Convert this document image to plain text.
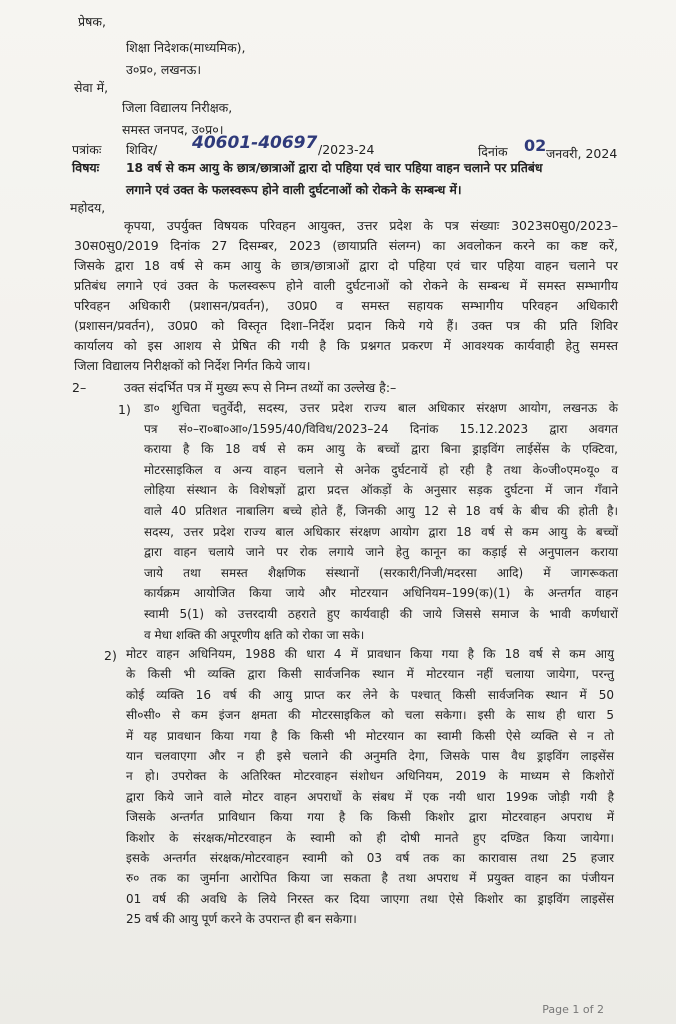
प्रेषक,
शिक्षा निदेशक(माध्यमिक),
उ०प्र०, लखनऊ।
सेवा में,
जिला विद्यालय निरीक्षक,
समस्त जनपद, उ०प्र०।
पत्रांकः शिविर/ 40601-40697 /2023-24	दिनांक 02 जनवरी, 2024
विषयः 18 वर्ष से कम आयु के छात्र/छात्राओं द्वारा दो पहिया एवं चार पहिया वाहन चलाने पर प्रतिबंध
लगाने एवं उक्त के फलस्वरूप होने वाली दुर्घटनाओं को रोकने के सम्बन्ध में।
महोदय,
कृपया, उपर्युक्त विषयक परिवहन आयुक्त, उत्तर प्रदेश के पत्र संख्याः 3023स0सु0/2023–
30स0सु0/2019 दिनांक 27 दिसम्बर, 2023 (छायाप्रति संलग्न) का अवलोकन करने का कष्ट करें,
जिसके द्वारा 18 वर्ष से कम आयु के छात्र/छात्राओं द्वारा दो पहिया एवं चार पहिया वाहन चलाने पर
प्रतिबंध लगाने एवं उक्त के फलस्वरूप होने वाली दुर्घटनाओं को रोकने के सम्बन्ध में समस्त सम्भागीय
परिवहन अधिकारी (प्रशासन/प्रवर्तन), उ0प्र0 व समस्त सहायक सम्भागीय परिवहन अधिकारी
(प्रशासन/प्रवर्तन), उ0प्र0 को विस्तृत दिशा–निर्देश प्रदान किये गये हैं। उक्त पत्र की प्रति शिविर
कार्यालय को इस आशय से प्रेषित की गयी है कि प्रश्नगत प्रकरण में आवश्यक कार्यवाही हेतु समस्त
जिला विद्यालय निरीक्षकों को निर्देश निर्गत किये जाय।
2–	उक्त संदर्भित पत्र में मुख्य रूप से निम्न तथ्यों का उल्लेख है:–
1) डा० शुचिता चतुर्वेदी, सदस्य, उत्तर प्रदेश राज्य बाल अधिकार संरक्षण आयोग, लखनऊ के
पत्र सं०–रा०बा०आ०/1595/40/विविध/2023–24 दिनांक 15.12.2023 द्वारा अवगत
कराया है कि 18 वर्ष से कम आयु के बच्चों द्वारा बिना ड्राइविंग लाईसेंस के एक्टिवा,
मोटरसाइकिल व अन्य वाहन चलाने से अनेक दुर्घटनायें हो रही है तथा के०जी०एम०यू० व
लोहिया संस्थान के विशेषज्ञों द्वारा प्रदत्त ऑकड़ों के अनुसार सड़क दुर्घटना में जान गँवाने
वाले 40 प्रतिशत नाबालिग बच्चे होते हैं, जिनकी आयु 12 से 18 वर्ष के बीच की होती है।
सदस्य, उत्तर प्रदेश राज्य बाल अधिकार संरक्षण आयोग द्वारा 18 वर्ष से कम आयु के बच्चों
द्वारा वाहन चलाये जाने पर रोक लगाये जाने हेतु कानून का कड़ाई से अनुपालन कराया
जाये तथा समस्त शैक्षणिक संस्थानों (सरकारी/निजी/मदरसा आदि) में जागरूकता
कार्यक्रम आयोजित किया जाये और मोटरयान अधिनियम–199(क)(1) के अन्तर्गत वाहन
स्वामी 5(1) को उत्तरदायी ठहराते हुए कार्यवाही की जाये जिससे समाज के भावी कर्णधारों
व मेधा शक्ति की अपूरणीय क्षति को रोका जा सके।
2) मोटर वाहन अधिनियम, 1988 की धारा 4 में प्रावधान किया गया है कि 18 वर्ष से कम आयु
के किसी भी व्यक्ति द्वारा किसी सार्वजनिक स्थान में मोटरयान नहीं चलाया जायेगा, परन्तु
कोई व्यक्ति 16 वर्ष की आयु प्राप्त कर लेने के पश्चात् किसी सार्वजनिक स्थान में 50
सी०सी० से कम इंजन क्षमता की मोटरसाइकिल को चला सकेगा। इसी के साथ ही धारा 5
में यह प्रावधान किया गया है कि किसी भी मोटरयान का स्वामी किसी ऐसे व्यक्ति से न तो
यान चलवाएगा और न ही इसे चलाने की अनुमति देगा, जिसके पास वैध ड्राइविंग लाइसेंस
न हो। उपरोक्त के अतिरिक्त मोटरवाहन संशोधन अधिनियम, 2019 के माध्यम से किशोरों
द्वारा किये जाने वाले मोटर वाहन अपराधों के संबध में एक नयी धारा 199क जोड़ी गयी है
जिसके अन्तर्गत प्राविधान किया गया है कि किसी किशोर द्वारा मोटरवाहन अपराध में
किशोर के संरक्षक/मोटरवाहन के स्वामी को ही दोषी मानते हुए दण्डित किया जायेगा।
इसके अन्तर्गत संरक्षक/मोटरवाहन स्वामी को 03 वर्ष तक का कारावास तथा 25 हजार
रु० तक का जुर्माना आरोपित किया जा सकता है तथा अपराध में प्रयुक्त वाहन का पंजीयन
01 वर्ष की अवधि के लिये निरस्त कर दिया जाएगा तथा ऐसे किशोर का ड्राइविंग लाइसेंस
25 वर्ष की आयु पूर्ण करने के उपरान्त ही बन सकेगा।
Page 1 of 2
